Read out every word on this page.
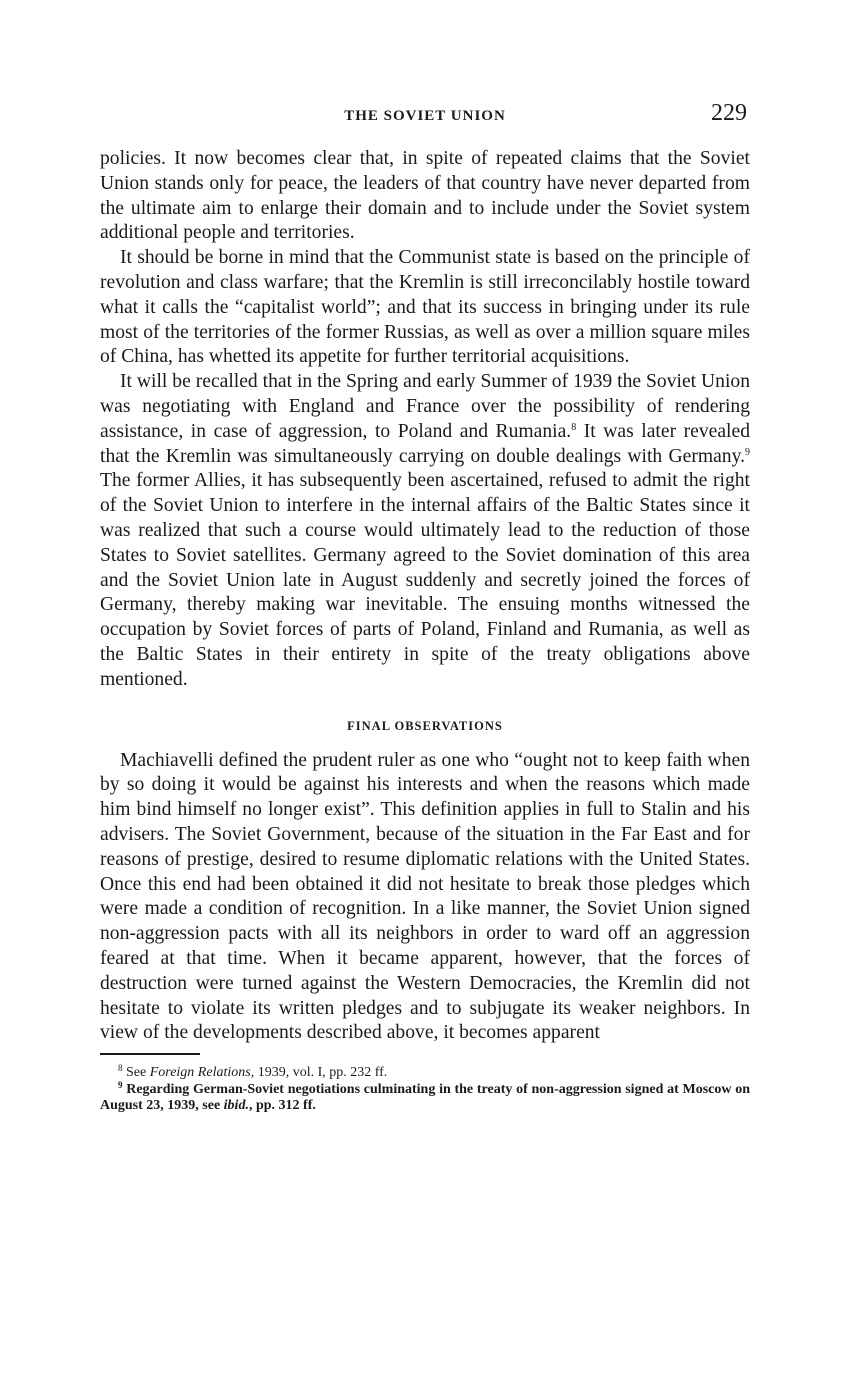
THE SOVIET UNION	229

policies. It now becomes clear that, in spite of repeated claims that the Soviet Union stands only for peace, the leaders of that country have never departed from the ultimate aim to enlarge their domain and to include under the Soviet system additional people and territories.

It should be borne in mind that the Communist state is based on the principle of revolution and class warfare; that the Kremlin is still irreconcilably hostile toward what it calls the “capitalist world”; and that its success in bringing under its rule most of the territories of the former Russias, as well as over a million square miles of China, has whetted its appetite for further territorial acquisitions.

It will be recalled that in the Spring and early Summer of 1939 the Soviet Union was negotiating with England and France over the possibility of rendering assistance, in case of aggression, to Poland and Rumania.$^8$ It was later revealed that the Kremlin was simultaneously carrying on double dealings with Germany.$^9$ The former Allies, it has subsequently been ascertained, refused to admit the right of the Soviet Union to interfere in the internal affairs of the Baltic States since it was realized that such a course would ultimately lead to the reduction of those States to Soviet satellites. Germany agreed to the Soviet domination of this area and the Soviet Union late in August suddenly and secretly joined the forces of Germany, thereby making war inevitable. The ensuing months witnessed the occupation by Soviet forces of parts of Poland, Finland and Rumania, as well as the Baltic States in their entirety in spite of the treaty obligations above mentioned.

FINAL OBSERVATIONS

Machiavelli defined the prudent ruler as one who “ought not to keep faith when by so doing it would be against his interests and when the reasons which made him bind himself no longer exist”. This definition applies in full to Stalin and his advisers. The Soviet Government, because of the situation in the Far East and for reasons of prestige, desired to resume diplomatic relations with the United States. Once this end had been obtained it did not hesitate to break those pledges which were made a condition of recognition. In a like manner, the Soviet Union signed non-aggression pacts with all its neighbors in order to ward off an aggression feared at that time. When it became apparent, however, that the forces of destruction were turned against the Western Democracies, the Kremlin did not hesitate to violate its written pledges and to subjugate its weaker neighbors. In view of the developments described above, it becomes apparent

$^8$ See Foreign Relations, 1939, vol. I, pp. 232 ff.

$^9$ Regarding German-Soviet negotiations culminating in the treaty of non-aggression signed at Moscow on August 23, 1939, see ibid., pp. 312 ff.
